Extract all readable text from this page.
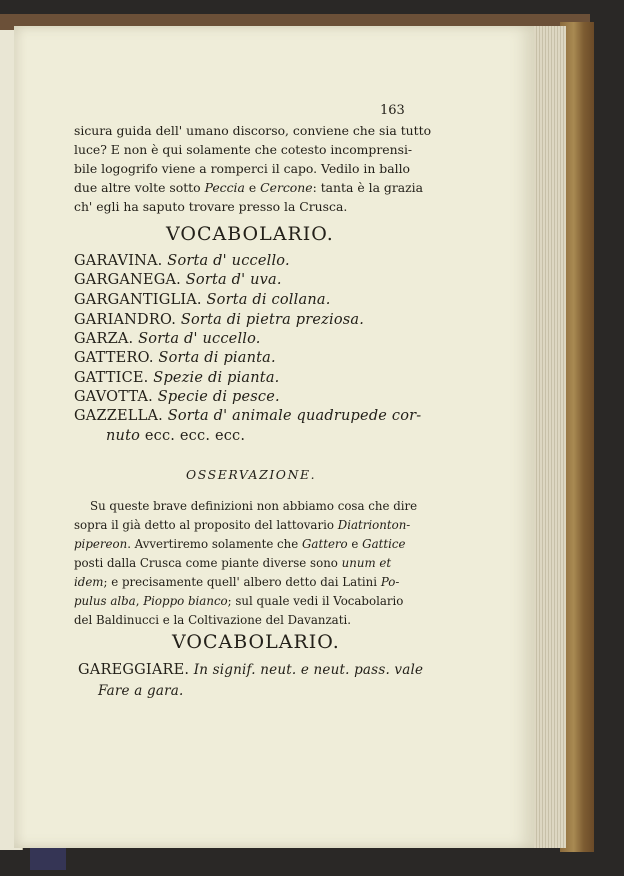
163
sicura guida dell' umano discorso, conviene che sia tutto
luce? E non è qui solamente che cotesto incomprensi-
bile logogrifo viene a romperci il capo. Vedilo in ballo
due altre volte sotto Peccia e Cercone: tanta è la grazia
ch' egli ha saputo trovare presso la Crusca.
VOCABOLARIO.
GARAVINA. Sorta d' uccello.
GARGANEGA. Sorta d' uva.
GARGANTIGLIA. Sorta di collana.
GARIANDRO. Sorta di pietra preziosa.
GARZA. Sorta d' uccello.
GATTERO. Sorta di pianta.
GATTICE. Spezie di pianta.
GAVOTTA. Specie di pesce.
GAZZELLA. Sorta d' animale quadrupede cor-
nuto ecc. ecc. ecc.
OSSERVAZIONE.
Su queste brave definizioni non abbiamo cosa che dire
sopra il già detto al proposito del lattovario Diatrionton-
pipereon. Avvertiremo solamente che Gattero e Gattice
posti dalla Crusca come piante diverse sono unum et
idem; e precisamente quell' albero detto dai Latini Po-
pulus alba, Pioppo bianco; sul quale vedi il Vocabolario
del Baldinucci e la Coltivazione del Davanzati.
VOCABOLARIO.
GAREGGIARE. In signif. neut. e neut. pass. vale
Fare a gara.
